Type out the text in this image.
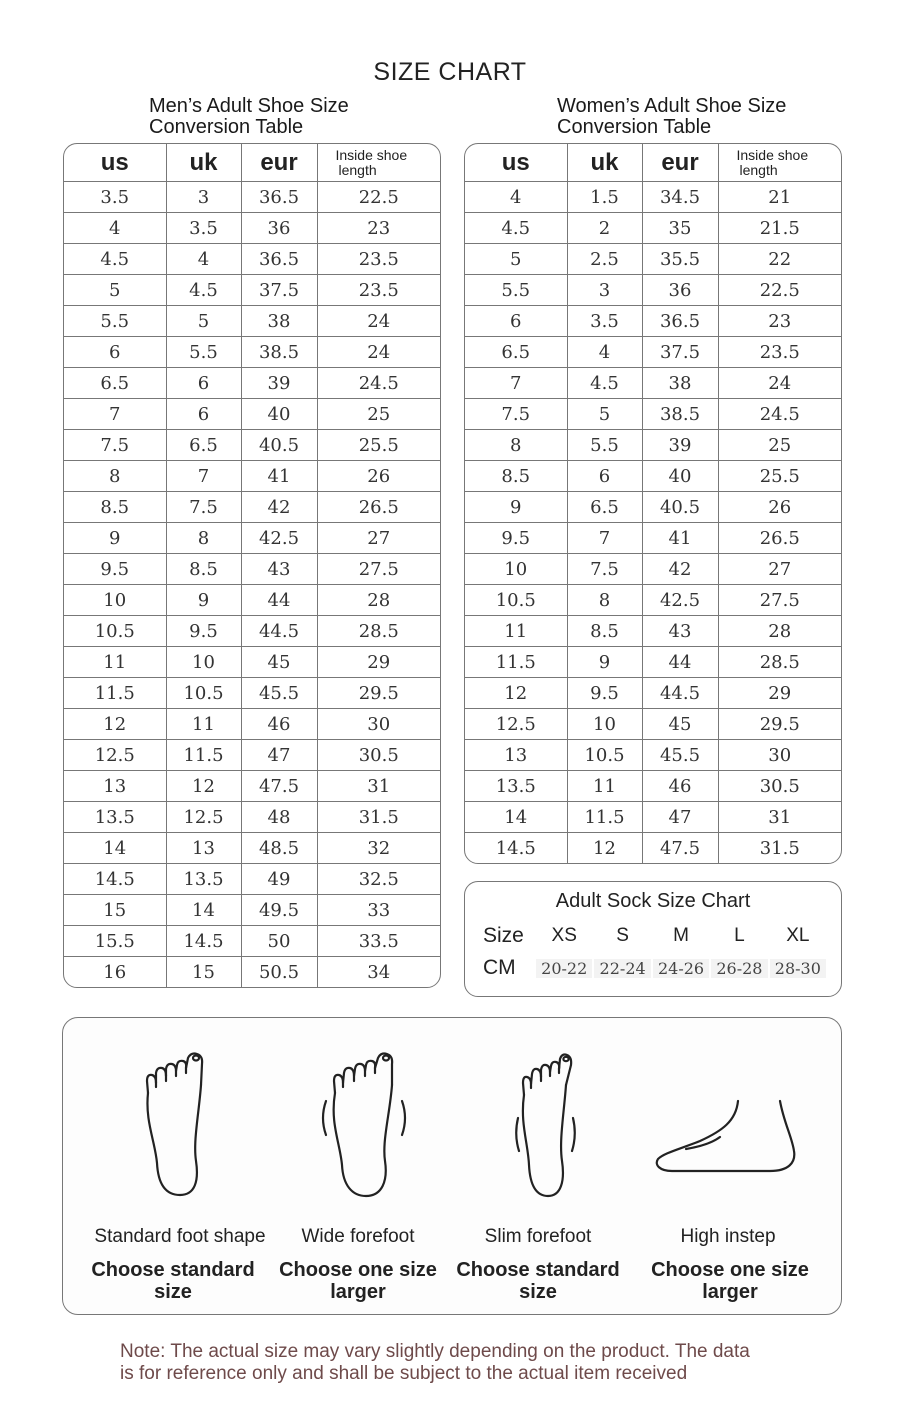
SIZE CHART
Men’s Adult Shoe Size
Conversion Table
Women’s Adult Shoe Size
Conversion Table
us	uk	eur	Inside shoe
length

3.5	3	36.5	22.5
4	3.5	36	23
4.5	4	36.5	23.5
5	4.5	37.5	23.5
5.5	5	38	24
6	5.5	38.5	24
6.5	6	39	24.5
7	6	40	25
7.5	6.5	40.5	25.5
8	7	41	26
8.5	7.5	42	26.5
9	8	42.5	27
9.5	8.5	43	27.5
10	9	44	28
10.5	9.5	44.5	28.5
11	10	45	29
11.5	10.5	45.5	29.5
12	11	46	30
12.5	11.5	47	30.5
13	12	47.5	31
13.5	12.5	48	31.5
14	13	48.5	32
14.5	13.5	49	32.5
15	14	49.5	33
15.5	14.5	50	33.5
16	15	50.5	34
us	uk	eur	Inside shoe
length

4	1.5	34.5	21
4.5	2	35	21.5
5	2.5	35.5	22
5.5	3	36	22.5
6	3.5	36.5	23
6.5	4	37.5	23.5
7	4.5	38	24
7.5	5	38.5	24.5
8	5.5	39	25
8.5	6	40	25.5
9	6.5	40.5	26
9.5	7	41	26.5
10	7.5	42	27
10.5	8	42.5	27.5
11	8.5	43	28
11.5	9	44	28.5
12	9.5	44.5	29
12.5	10	45	29.5
13	10.5	45.5	30
13.5	11	46	30.5
14	11.5	47	31
14.5	12	47.5	31.5
Adult Sock Size Chart
Size	XS	S	M	L	XL
CM	20-22 22-24 24-26 26-28 28-30
Standard foot shape	Wide forefoot	Slim forefoot	High instep
Choose standard
size
Choose one size
larger
Choose standard
size
Choose one size
larger
Note: The actual size may vary slightly depending on the product. The data
is for reference only and shall be subject to the actual item received
